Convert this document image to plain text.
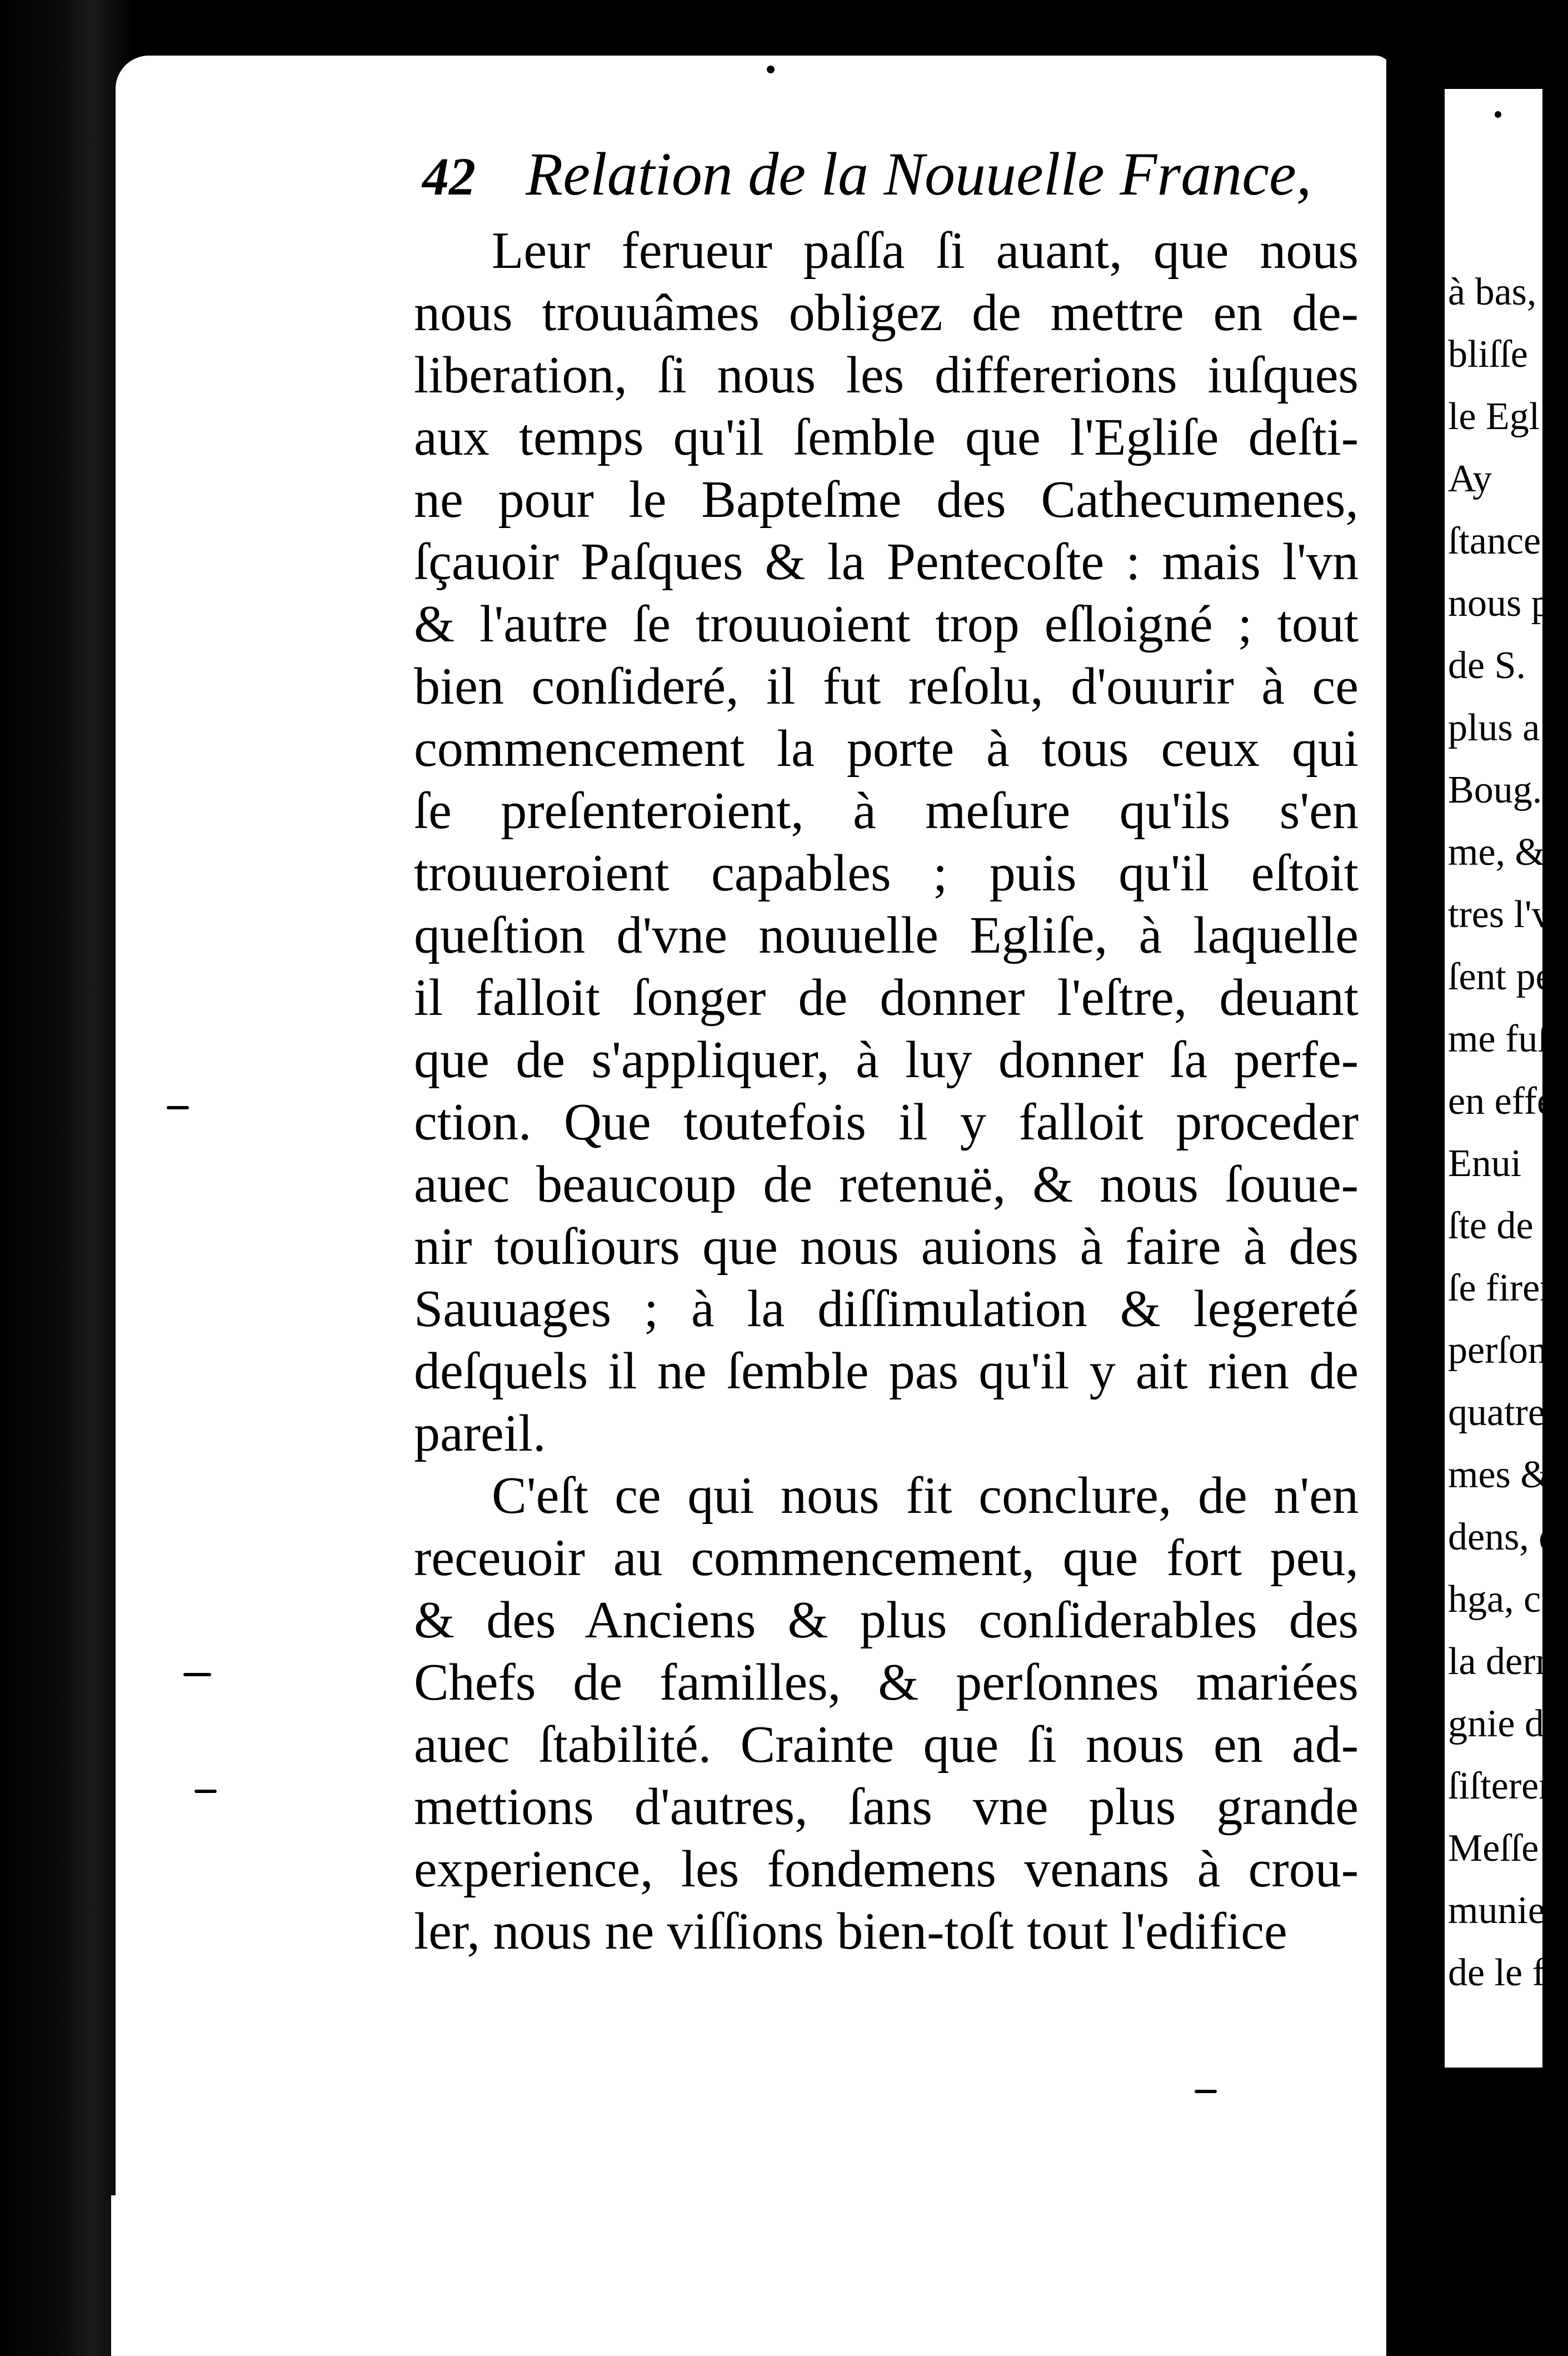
42 Relation de la Nouuelle France,
Leur ferueur paſſa ſi auant, que nous
nous trouuâmes obligez de mettre en de-
liberation, ſi nous les differerions iuſques
aux temps qu'il ſemble que l'Egliſe deſti-
ne pour le Bapteſme des Cathecumenes,
ſçauoir Paſques & la Pentecoſte : mais l'vn
& l'autre ſe trouuoient trop eſloigné ; tout
bien conſideré, il fut reſolu, d'ouurir à ce
commencement la porte à tous ceux qui
ſe preſenteroient, à meſure qu'ils s'en
trouueroient capables ; puis qu'il eſtoit
queſtion d'vne nouuelle Egliſe, à laquelle
il falloit ſonger de donner l'eſtre, deuant
que de s'appliquer, à luy donner ſa perfe-
ction. Que toutefois il y falloit proceder
auec beaucoup de retenuë, & nous ſouue-
nir touſiours que nous auions à faire à des
Sauuages ; à la diſſimulation & legereté
deſquels il ne ſemble pas qu'il y ait rien de
pareil.
C'eſt ce qui nous fit conclure, de n'en
receuoir au commencement, que fort peu,
& des Anciens & plus conſiderables des
Chefs de familles, & perſonnes mariées
auec ſtabilité. Crainte que ſi nous en ad-
mettions d'autres, ſans vne plus grande
experience, les fondemens venans à crou-
ler, nous ne viſſions bien-toſt tout l'edifice
à bas,
bliſſe
le Egl
Ay
ſtance
nous p
de S.
plus a
Boug.
me, &
tres l'v
ſent pe
me fuſ
en effe
Enui
ſte de l
ſe firer
perſonn
quatre
mes &
dens, e
hga, ce
la derni
gnie d'
ſiſteren
Meſſe p
munier
de le fa
